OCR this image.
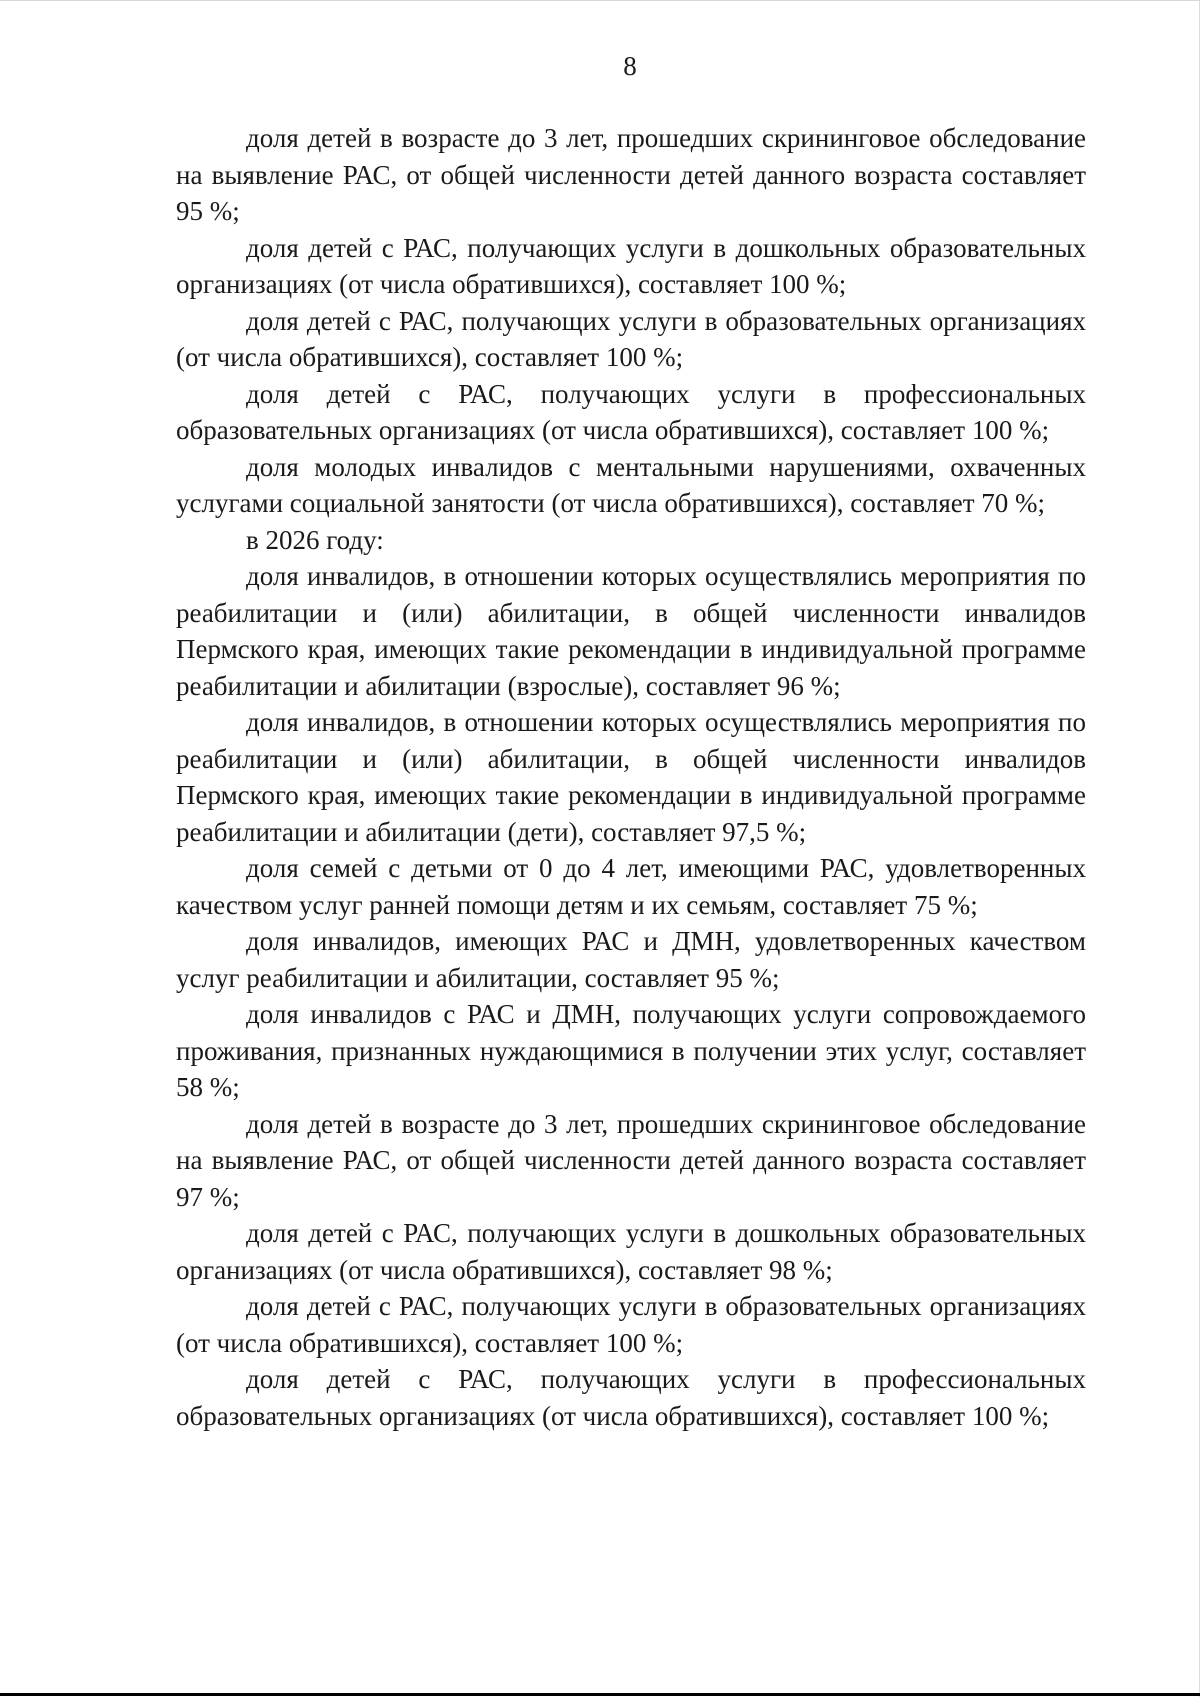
8

доля детей в возрасте до 3 лет, прошедших скрининговое обследование на выявление РАС, от общей численности детей данного возраста составляет 95 %;

доля детей с РАС, получающих услуги в дошкольных образовательных организациях (от числа обратившихся), составляет 100 %;

доля детей с РАС, получающих услуги в образовательных организациях (от числа обратившихся), составляет 100 %;

доля детей с РАС, получающих услуги в профессиональных образовательных организациях (от числа обратившихся), составляет 100 %;

доля молодых инвалидов с ментальными нарушениями, охваченных услугами социальной занятости (от числа обратившихся), составляет 70 %;

в 2026 году:

доля инвалидов, в отношении которых осуществлялись мероприятия по реабилитации и (или) абилитации, в общей численности инвалидов Пермского края, имеющих такие рекомендации в индивидуальной программе реабилитации и абилитации (взрослые), составляет 96 %;

доля инвалидов, в отношении которых осуществлялись мероприятия по реабилитации и (или) абилитации, в общей численности инвалидов Пермского края, имеющих такие рекомендации в индивидуальной программе реабилитации и абилитации (дети), составляет 97,5 %;

доля семей с детьми от 0 до 4 лет, имеющими РАС, удовлетворенных качеством услуг ранней помощи детям и их семьям, составляет 75 %;

доля инвалидов, имеющих РАС и ДМН, удовлетворенных качеством услуг реабилитации и абилитации, составляет 95 %;

доля инвалидов с РАС и ДМН, получающих услуги сопровождаемого проживания, признанных нуждающимися в получении этих услуг, составляет 58 %;

доля детей в возрасте до 3 лет, прошедших скрининговое обследование на выявление РАС, от общей численности детей данного возраста составляет 97 %;

доля детей с РАС, получающих услуги в дошкольных образовательных организациях (от числа обратившихся), составляет 98 %;

доля детей с РАС, получающих услуги в образовательных организациях (от числа обратившихся), составляет 100 %;

доля детей с РАС, получающих услуги в профессиональных образовательных организациях (от числа обратившихся), составляет 100 %;
